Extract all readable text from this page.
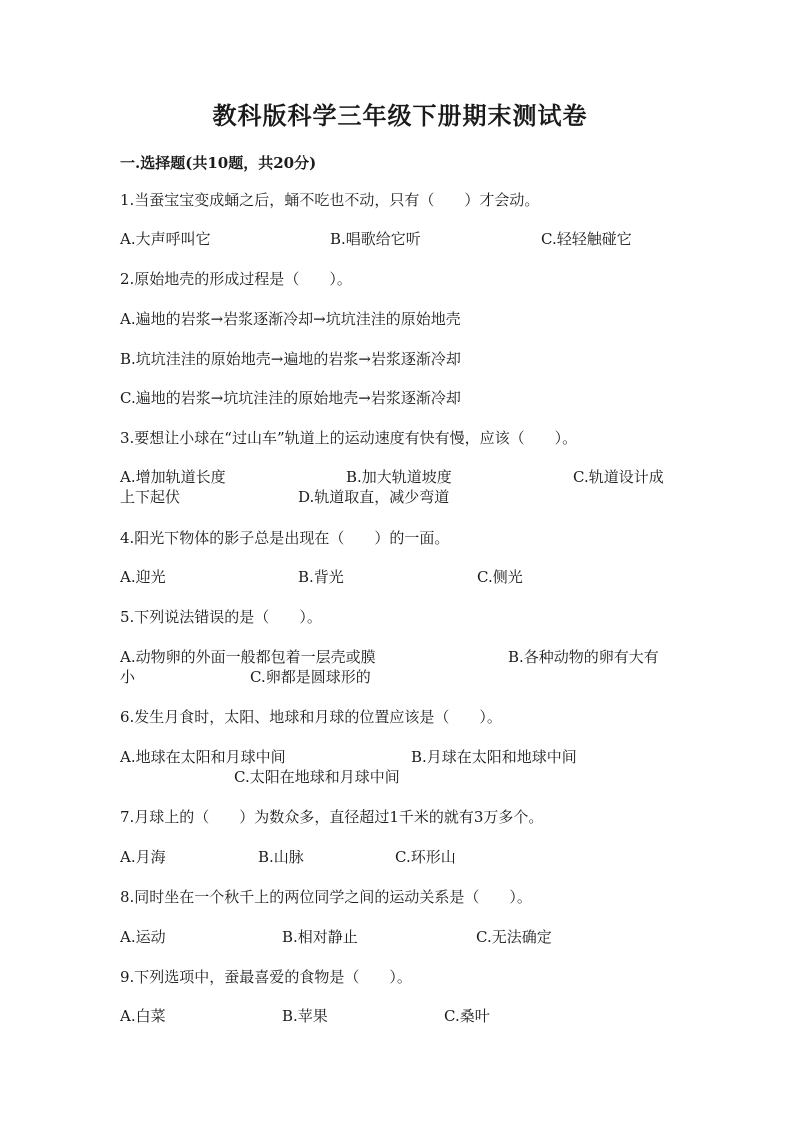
教科版科学三年级下册期末测试卷
一.选择题(共10题，共20分)
1.当蚕宝宝变成蛹之后，蛹不吃也不动，只有（　　）才会动。
A.大声呼叫它	B.唱歌给它听	C.轻轻触碰它
2.原始地壳的形成过程是（　　）。
A.遍地的岩浆→岩浆逐渐冷却→坑坑洼洼的原始地壳
B.坑坑洼洼的原始地壳→遍地的岩浆→岩浆逐渐冷却
C.遍地的岩浆→坑坑洼洼的原始地壳→岩浆逐渐冷却
3.要想让小球在“过山车”轨道上的运动速度有快有慢，应该（　　）。
A.增加轨道长度	B.加大轨道坡度	C.轨道设计成
上下起伏	D.轨道取直，减少弯道
4.阳光下物体的影子总是出现在（　　）的一面。
A.迎光	B.背光	C.侧光
5.下列说法错误的是（　　）。
A.动物卵的外面一般都包着一层壳或膜	B.各种动物的卵有大有
小	C.卵都是圆球形的
6.发生月食时，太阳、地球和月球的位置应该是（　　）。
A.地球在太阳和月球中间	B.月球在太阳和地球中间
C.太阳在地球和月球中间
7.月球上的（　　）为数众多，直径超过1千米的就有3万多个。
A.月海	B.山脉	C.环形山
8.同时坐在一个秋千上的两位同学之间的运动关系是（　　）。
A.运动	B.相对静止	C.无法确定
9.下列选项中，蚕最喜爱的食物是（　　）。
A.白菜	B.苹果	C.桑叶
